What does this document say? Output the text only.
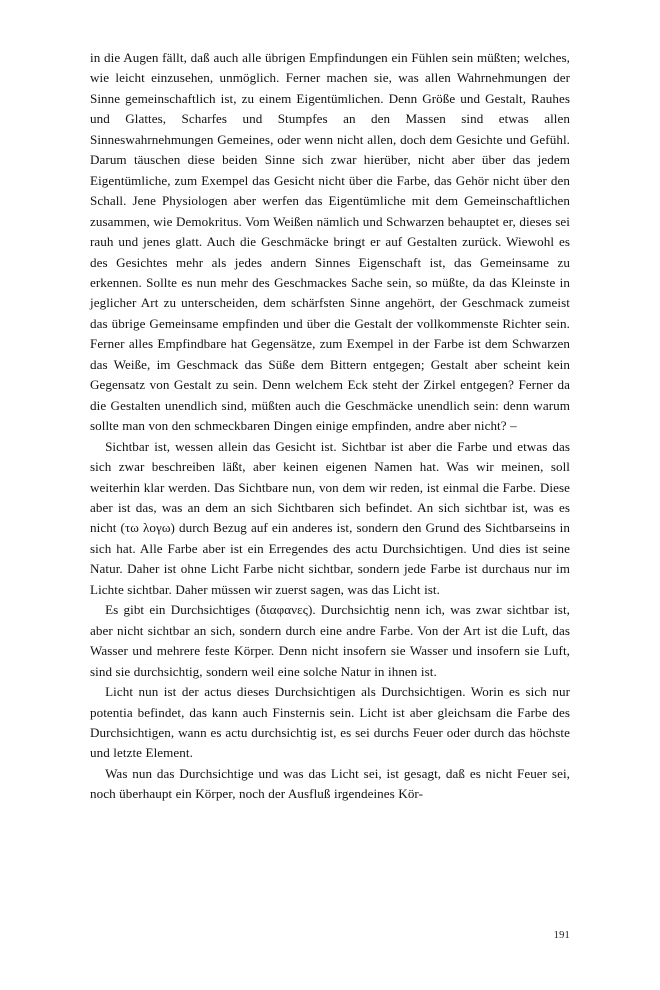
in die Augen fällt, daß auch alle übrigen Empfindungen ein Fühlen sein müßten; welches, wie leicht einzusehen, unmöglich. Ferner machen sie, was allen Wahrnehmungen der Sinne gemeinschaftlich ist, zu einem Eigentümlichen. Denn Größe und Gestalt, Rauhes und Glattes, Scharfes und Stumpfes an den Massen sind etwas allen Sinneswahrnehmungen Gemeines, oder wenn nicht allen, doch dem Gesichte und Gefühl. Darum täuschen diese beiden Sinne sich zwar hierüber, nicht aber über das jedem Eigentümliche, zum Exempel das Gesicht nicht über die Farbe, das Gehör nicht über den Schall. Jene Physiologen aber werfen das Eigentümliche mit dem Gemeinschaftlichen zusammen, wie Demokritus. Vom Weißen nämlich und Schwarzen behauptet er, dieses sei rauh und jenes glatt. Auch die Geschmäcke bringt er auf Gestalten zurück. Wiewohl es des Gesichtes mehr als jedes andern Sinnes Eigenschaft ist, das Gemeinsame zu erkennen. Sollte es nun mehr des Geschmackes Sache sein, so müßte, da das Kleinste in jeglicher Art zu unterscheiden, dem schärfsten Sinne angehört, der Geschmack zumeist das übrige Gemeinsame empfinden und über die Gestalt der vollkommenste Richter sein. Ferner alles Empfindbare hat Gegensätze, zum Exempel in der Farbe ist dem Schwarzen das Weiße, im Geschmack das Süße dem Bittern entgegen; Gestalt aber scheint kein Gegensatz von Gestalt zu sein. Denn welchem Eck steht der Zirkel entgegen? Ferner da die Gestalten unendlich sind, müßten auch die Geschmäcke unendlich sein: denn warum sollte man von den schmeckbaren Dingen einige empfinden, andre aber nicht? –

Sichtbar ist, wessen allein das Gesicht ist. Sichtbar ist aber die Farbe und etwas das sich zwar beschreiben läßt, aber keinen eigenen Namen hat. Was wir meinen, soll weiterhin klar werden. Das Sichtbare nun, von dem wir reden, ist einmal die Farbe. Diese aber ist das, was an dem an sich Sichtbaren sich befindet. An sich sichtbar ist, was es nicht (τω λογω) durch Bezug auf ein anderes ist, sondern den Grund des Sichtbarseins in sich hat. Alle Farbe aber ist ein Erregendes des actu Durchsichtigen. Und dies ist seine Natur. Daher ist ohne Licht Farbe nicht sichtbar, sondern jede Farbe ist durchaus nur im Lichte sichtbar. Daher müssen wir zuerst sagen, was das Licht ist.

Es gibt ein Durchsichtiges (διαφανες). Durchsichtig nenn ich, was zwar sichtbar ist, aber nicht sichtbar an sich, sondern durch eine andre Farbe. Von der Art ist die Luft, das Wasser und mehrere feste Körper. Denn nicht insofern sie Wasser und insofern sie Luft, sind sie durchsichtig, sondern weil eine solche Natur in ihnen ist.

Licht nun ist der actus dieses Durchsichtigen als Durchsichtigen. Worin es sich nur potentia befindet, das kann auch Finsternis sein. Licht ist aber gleichsam die Farbe des Durchsichtigen, wann es actu durchsichtig ist, es sei durchs Feuer oder durch das höchste und letzte Element.

Was nun das Durchsichtige und was das Licht sei, ist gesagt, daß es nicht Feuer sei, noch überhaupt ein Körper, noch der Ausfluß irgendeines Kör-

191
